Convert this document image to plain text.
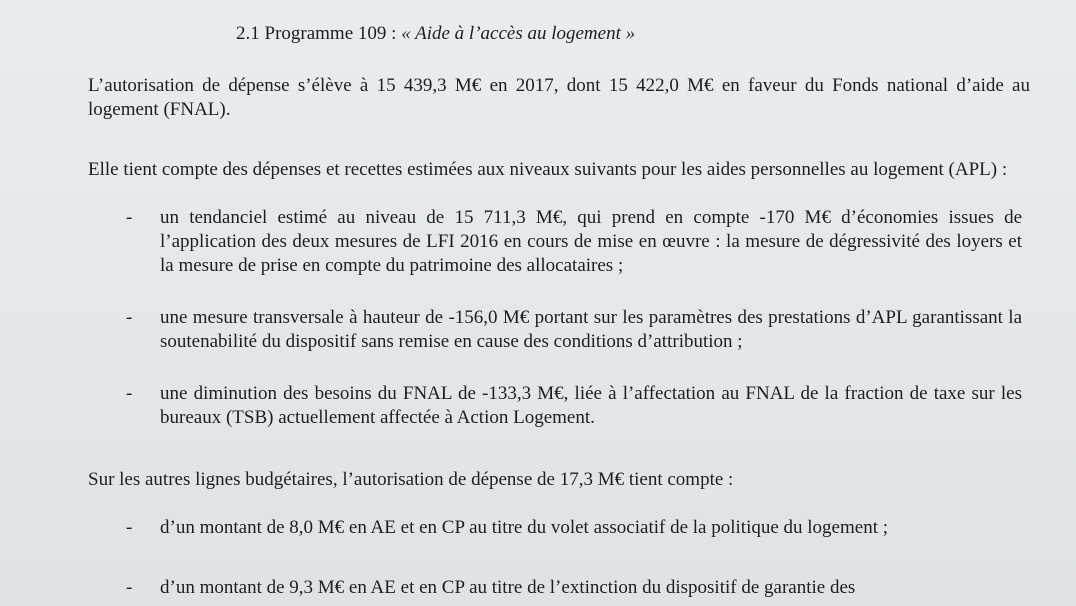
2.1 Programme 109 : « Aide à l’accès au logement »
L’autorisation de dépense s’élève à 15 439,3 M€ en 2017, dont 15 422,0 M€ en faveur du Fonds national d’aide au logement (FNAL).
Elle tient compte des dépenses et recettes estimées aux niveaux suivants pour les aides personnelles au logement (APL) :
- un tendanciel estimé au niveau de 15 711,3 M€, qui prend en compte -170 M€ d’économies issues de l’application des deux mesures de LFI 2016 en cours de mise en œuvre : la mesure de dégressivité des loyers et la mesure de prise en compte du patrimoine des allocataires ;
- une mesure transversale à hauteur de -156,0 M€ portant sur les paramètres des prestations d’APL garantissant la soutenabilité du dispositif sans remise en cause des conditions d’attribution ;
- une diminution des besoins du FNAL de -133,3 M€, liée à l’affectation au FNAL de la fraction de taxe sur les bureaux (TSB) actuellement affectée à Action Logement.
Sur les autres lignes budgétaires, l’autorisation de dépense de 17,3 M€ tient compte :
- d’un montant de 8,0 M€ en AE et en CP au titre du volet associatif de la politique du logement ;
- d’un montant de 9,3 M€ en AE et en CP au titre de l’extinction du dispositif de garantie des
